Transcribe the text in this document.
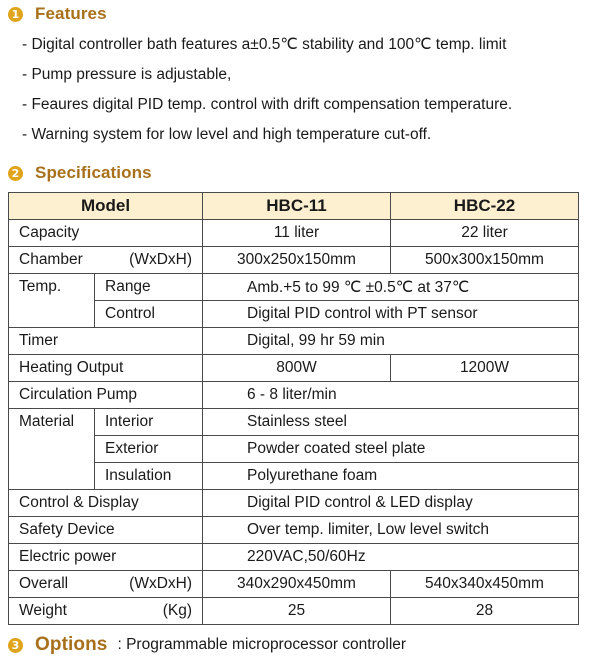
1 Features
- Digital controller bath features a±0.5℃ stability and 100℃ temp. limit
- Pump pressure is adjustable,
- Feaures digital PID temp. control with drift compensation temperature.
- Warning system for low level and high temperature cut-off.
2 Specifications
Model		HBC-11	HBC-22
Capacity		11 liter	22 liter

Chamber (WxDxH)		300x250x150mm	500x300x150mm
Temp.	Range	Amb.+5 to 99 ℃ ±0.5℃ at 37℃	
	Control	Digital PID control with PT sensor	
Timer		Digital, 99 hr 59 min	
Heating Output		800W	1200W
Circulation Pump		6 - 8 liter/min	
Material	Interior	Stainless steel	
	Exterior	Powder coated steel plate	
	Insulation	Polyurethane foam	
Control & Display		Digital PID control & LED display	
Safety Device		Over temp. limiter, Low level switch	
Electric power		220VAC,50/60Hz	

Overall (WxDxH)		340x290x450mm	540x340x450mm

Weight (Kg)		25	28
3 Options : Programmable microprocessor controller
